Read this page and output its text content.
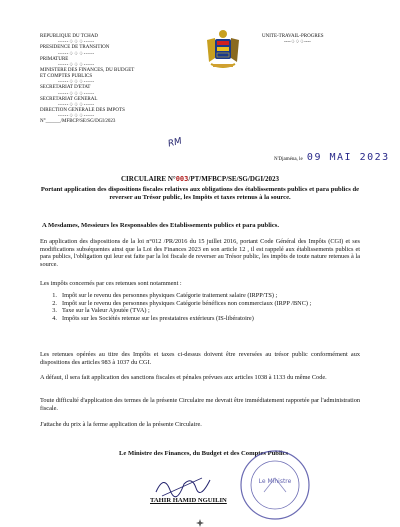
REPUBLIQUE DU TCHAD
-----♢♢♢-----
PRESIDENCE DE TRANSITION
-----♢♢♢-----
PRIMATURE
-----♢♢♢-----
MINISTERE DES FINANCES, DU BUDGET
ET COMPTES PUBLICS
-----♢♢♢-----
SECRETARIAT D'ETAT
-----♢♢♢-----
SECRETARIAT GENERAL
-----♢♢♢-----
DIRECTION GENERALE DES IMPOTS
-----♢♢♢-----
N°______/MFBCP/SE/SG/DGI/2023
RM
UNITE-TRAVAIL-PROGRES
----♢♢♢----
N'Djaména, le 09 MAI 2023
CIRCULAIRE N°003/PT/MFBCP/SE/SG/DGI/2023
Portant application des dispositions fiscales relatives aux obligations des établissements publics et para publics de reverser au Trésor public, les Impôts et taxes retenus à la source.
A Mesdames, Messieurs les Responsables des Etablissements publics et para publics.
En application des dispositions de la loi n°012 /PR/2016 du 15 juillet 2016, portant Code Général des Impôts (CGI) et ses modifications subséquentes ainsi que la Loi des Finances 2023 en son article 12 , il est rappelé aux établissements publics et para publics, l'obligation qui leur est faite par la loi fiscale de reverser au Trésor public, les impôts de toute nature retenues à la source.
Les impôts concernés par ces retenues sont notamment :
1. Impôt sur le revenu des personnes physiques Catégorie traitement salaire (IRPP/TS) ;
2. Impôt sur le revenu des personnes physiques Catégorie bénéfices non commerciaux (IRPP /BNC) ;
3. Taxe sur la Valeur Ajoutée (TVA) ;
4. Impôts sur les Sociétés retenue sur les prestataires extérieurs (IS-libératoire)
Les retenues opérées au titre des Impôts et taxes ci-dessus doivent être reversées au trésor public conformément aux dispositions des articles 983 à 1037 du CGI.
A défaut, il sera fait application des sanctions fiscales et pénales prévues aux articles 1038 à 1133 du même Code.
Toute difficulté d'application des termes de la présente Circulaire me devrait être immédiatement rapportée par l'administration fiscale.
J'attache du prix à la ferme application de la présente Circulaire.
Le Ministre des Finances, du Budget et des Comptes Publics
Le Ministre
TAHIR HAMID NGUILIN
